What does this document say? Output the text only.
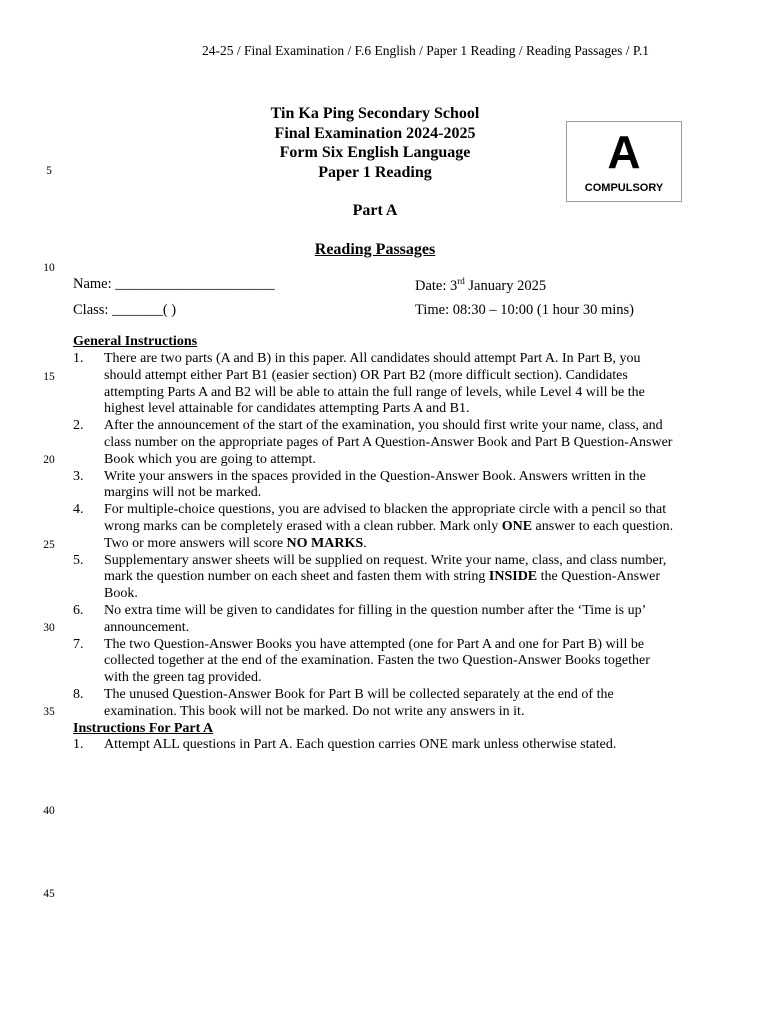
24-25 / Final Examination / F.6 English / Paper 1 Reading / Reading Passages / P.1
Tin Ka Ping Secondary School
Final Examination 2024-2025
Form Six English Language
Paper 1 Reading	A
COMPULSORY
Part A
Reading Passages
Name: ______________________
Class: _______( )
Date: 3rd January 2025
Time: 08:30 – 10:00 (1 hour 30 mins)
5
10
15
20
25
30
35
40
45
General Instructions
1. There are two parts (A and B) in this paper. All candidates should attempt Part A. In Part B, you should attempt either Part B1 (easier section) OR Part B2 (more difficult section). Candidates attempting Parts A and B2 will be able to attain the full range of levels, while Level 4 will be the highest level attainable for candidates attempting Parts A and B1.
2. After the announcement of the start of the examination, you should first write your name, class, and class number on the appropriate pages of Part A Question-Answer Book and Part B Question-Answer Book which you are going to attempt.
3. Write your answers in the spaces provided in the Question-Answer Book. Answers written in the margins will not be marked.
4. For multiple-choice questions, you are advised to blacken the appropriate circle with a pencil so that wrong marks can be completely erased with a clean rubber. Mark only ONE answer to each question. Two or more answers will score NO MARKS.
5. Supplementary answer sheets will be supplied on request. Write your name, class, and class number, mark the question number on each sheet and fasten them with string INSIDE the Question-Answer Book.
6. No extra time will be given to candidates for filling in the question number after the ‘Time is up’ announcement.
7. The two Question-Answer Books you have attempted (one for Part A and one for Part B) will be collected together at the end of the examination. Fasten the two Question-Answer Books together with the green tag provided.
8. The unused Question-Answer Book for Part B will be collected separately at the end of the examination. This book will not be marked. Do not write any answers in it.
Instructions For Part A
1. Attempt ALL questions in Part A. Each question carries ONE mark unless otherwise stated.
